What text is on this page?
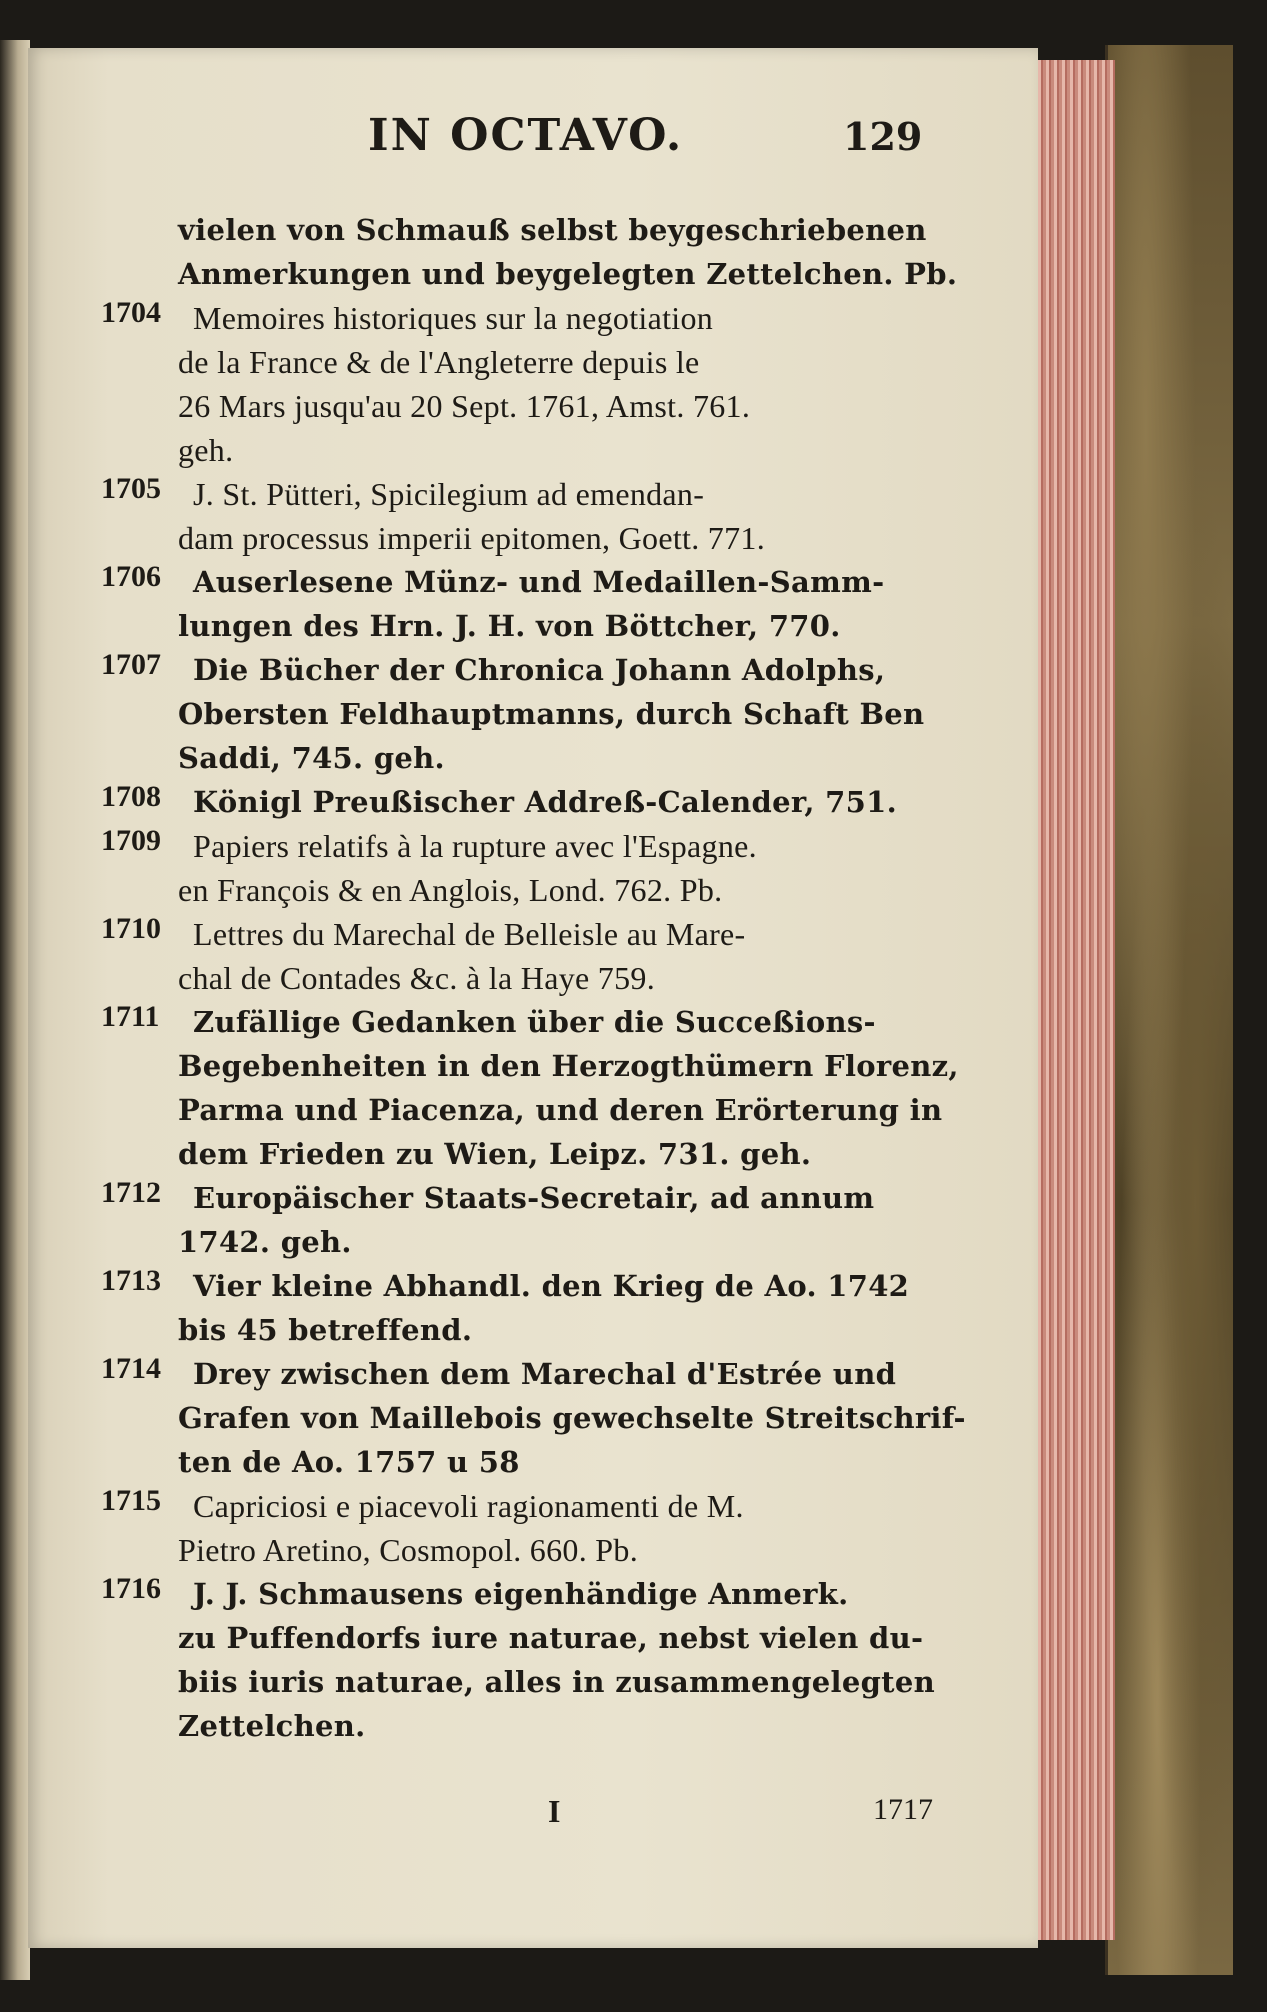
IN OCTAVO.	129
vielen von Schmauß selbst beygeschriebenen
Anmerkungen und beygelegten Zettelchen. Pb.
1704	Memoires historiques sur la negotiation
de la France & de l'Angleterre depuis le
26 Mars jusqu'au 20 Sept. 1761, Amst. 761.
geh.
1705	J. St. Pütteri, Spicilegium ad emendan-
dam processus imperii epitomen, Goett. 771.
1706	Auserlesene Münz- und Medaillen-Samm-
lungen des Hrn. J. H. von Böttcher, 770.
1707	Die Bücher der Chronica Johann Adolphs,
Obersten Feldhauptmanns, durch Schaft Ben
Saddi, 745. geh.
1708	Königl Preußischer Addreß-Calender, 751.
1709	Papiers relatifs à la rupture avec l'Espagne.
en François & en Anglois, Lond. 762. Pb.
1710	Lettres du Marechal de Belleisle au Mare-
chal de Contades &c. à la Haye 759.
1711	Zufällige Gedanken über die Succeßions-
Begebenheiten in den Herzogthümern Florenz,
Parma und Piacenza, und deren Erörterung in
dem Frieden zu Wien, Leipz. 731. geh.
1712	Europäischer Staats-Secretair, ad annum
1742. geh.
1713	Vier kleine Abhandl. den Krieg de Ao. 1742
bis 45 betreffend.
1714	Drey zwischen dem Marechal d'Estrée und
Grafen von Maillebois gewechselte Streitschrif-
ten de Ao. 1757 u 58
1715	Capriciosi e piacevoli ragionamenti de M.
Pietro Aretino, Cosmopol. 660. Pb.
1716	J. J. Schmausens eigenhändige Anmerk.
zu Puffendorfs iure naturae, nebst vielen du-
biis iuris naturae, alles in zusammengelegten
Zettelchen.
I	1717
